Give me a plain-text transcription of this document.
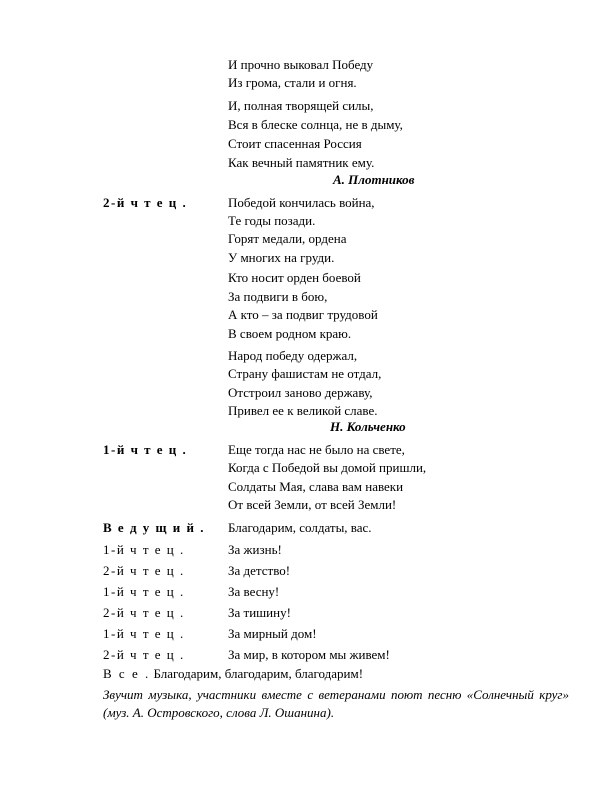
И прочно выковал Победу
Из грома, стали и огня.
И, полная творящей силы,
Вся в блеске солнца, не в дыму,
Стоит спасенная Россия
Как вечный памятник ему.
А. Плотников
2-й ч т е ц .	Победой кончилась война,
Те годы позади.
Горят медали, ордена
У многих на груди.
Кто носит орден боевой
За подвиги в бою,
А кто – за подвиг трудовой
В своем родном краю.
Народ победу одержал,
Страну фашистам не отдал,
Отстроил заново державу,
Привел ее к великой славе.
Н. Кольченко
1-й ч т е ц .	Еще тогда нас не было на свете,
Когда с Победой вы домой пришли,
Солдаты Мая, слава вам навеки
От всей Земли, от всей Земли!
В е д у щ и й . Благодарим, солдаты, вас.
1-й ч т е ц .	За жизнь!
2-й ч т е ц .	За детство!
1-й ч т е ц .	За весну!
2-й ч т е ц .	За тишину!
1-й ч т е ц .	За мирный дом!
2-й ч т е ц .	За мир, в котором мы живем!
В с е . Благодарим, благодарим, благодарим!
Звучит музыка, участники вместе с ветеранами поют песню «Солнечный круг» (муз. А. Островского, слова Л. Ошанина).
